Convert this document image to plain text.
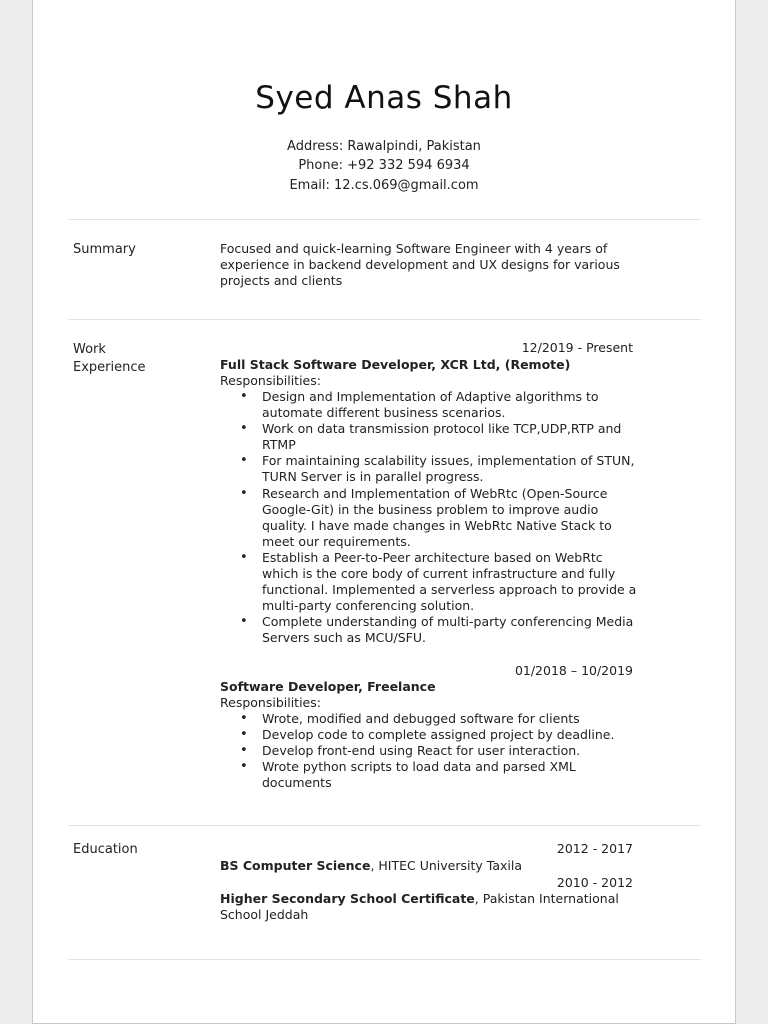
Syed Anas Shah
Address: Rawalpindi, Pakistan
Phone: +92 332 594 6934
Email: 12.cs.069@gmail.com
Summary	Focused and quick-learning Software Engineer with 4 years of experience in backend development and UX designs for various projects and clients
Work
Experience
12/2019 - Present
Full Stack Software Developer, XCR Ltd, (Remote)
Responsibilities:
• Design and Implementation of Adaptive algorithms to automate different business scenarios.
• Work on data transmission protocol like TCP,UDP,RTP and RTMP
• For maintaining scalability issues, implementation of STUN, TURN Server is in parallel progress.
• Research and Implementation of WebRtc (Open-Source Google-Git) in the business problem to improve audio quality. I have made changes in WebRtc Native Stack to meet our requirements.
• Establish a Peer-to-Peer architecture based on WebRtc which is the core body of current infrastructure and fully functional. Implemented a serverless approach to provide a multi-party conferencing solution.
• Complete understanding of multi-party conferencing Media Servers such as MCU/SFU.
01/2018 – 10/2019
Software Developer, Freelance
Responsibilities:
• Wrote, modified and debugged software for clients
• Develop code to complete assigned project by deadline.
• Develop front-end using React for user interaction.
• Wrote python scripts to load data and parsed XML documents
Education	2012 - 2017
BS Computer Science, HITEC University Taxila
2010 - 2012
Higher Secondary School Certificate, Pakistan International School Jeddah
